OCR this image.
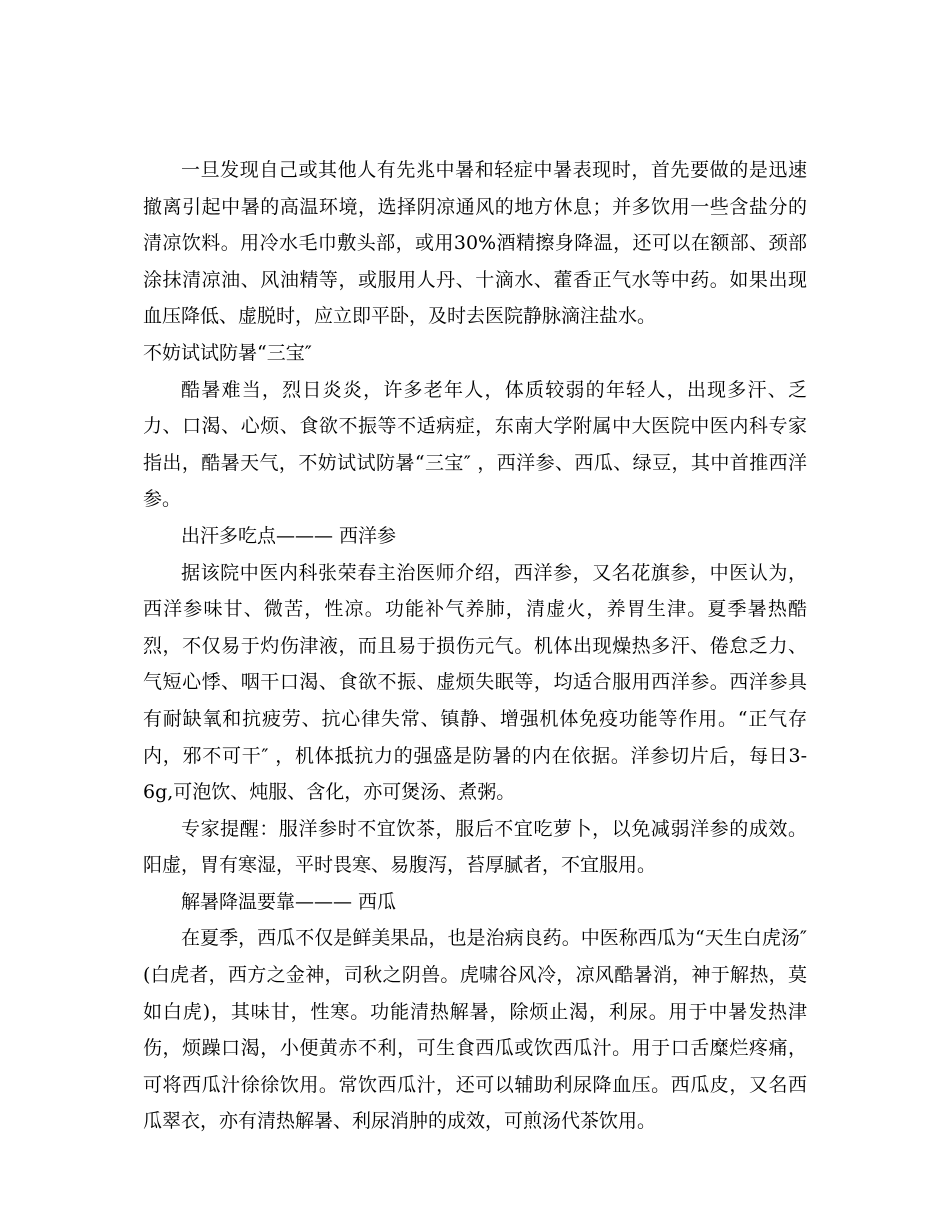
一旦发现自己或其他人有先兆中暑和轻症中暑表现时，首先要做的是迅速撤离引起中暑的高温环境，选择阴凉通风的地方休息；并多饮用一些含盐分的清凉饮料。用冷水毛巾敷头部，或用30%酒精擦身降温，还可以在额部、颈部涂抹清凉油、风油精等，或服用人丹、十滴水、藿香正气水等中药。如果出现血压降低、虚脱时，应立即平卧，及时去医院静脉滴注盐水。

不妨试试防暑“三宝″

酷暑难当，烈日炎炎，许多老年人，体质较弱的年轻人，出现多汗、乏力、口渴、心烦、食欲不振等不适病症，东南大学附属中大医院中医内科专家指出，酷暑天气，不妨试试防暑“三宝″ ，西洋参、西瓜、绿豆，其中首推西洋参。

出汗多吃点——— 西洋参

据该院中医内科张荣春主治医师介绍，西洋参，又名花旗参，中医认为，西洋参味甘、微苦，性凉。功能补气养肺，清虚火，养胃生津。夏季暑热酷烈，不仅易于灼伤津液，而且易于损伤元气。机体出现燥热多汗、倦怠乏力、气短心悸、咽干口渴、食欲不振、虚烦失眠等，均适合服用西洋参。西洋参具有耐缺氧和抗疲劳、抗心律失常、镇静、增强机体免疫功能等作用。“正气存内，邪不可干″ ，机体抵抗力的强盛是防暑的内在依据。洋参切片后，每日3-6g,可泡饮、炖服、含化，亦可煲汤、煮粥。

专家提醒：服洋参时不宜饮茶，服后不宜吃萝卜，以免减弱洋参的成效。阳虚，胃有寒湿，平时畏寒、易腹泻，苔厚腻者，不宜服用。

解暑降温要靠——— 西瓜

在夏季，西瓜不仅是鲜美果品，也是治病良药。中医称西瓜为“天生白虎汤″ (白虎者，西方之金神，司秋之阴兽。虎啸谷风冷，凉风酷暑消，神于解热，莫如白虎)，其味甘，性寒。功能清热解暑，除烦止渴，利尿。用于中暑发热津伤，烦躁口渴，小便黄赤不利，可生食西瓜或饮西瓜汁。用于口舌糜烂疼痛，可将西瓜汁徐徐饮用。常饮西瓜汁，还可以辅助利尿降血压。西瓜皮，又名西瓜翠衣，亦有清热解暑、利尿消肿的成效，可煎汤代茶饮用。
